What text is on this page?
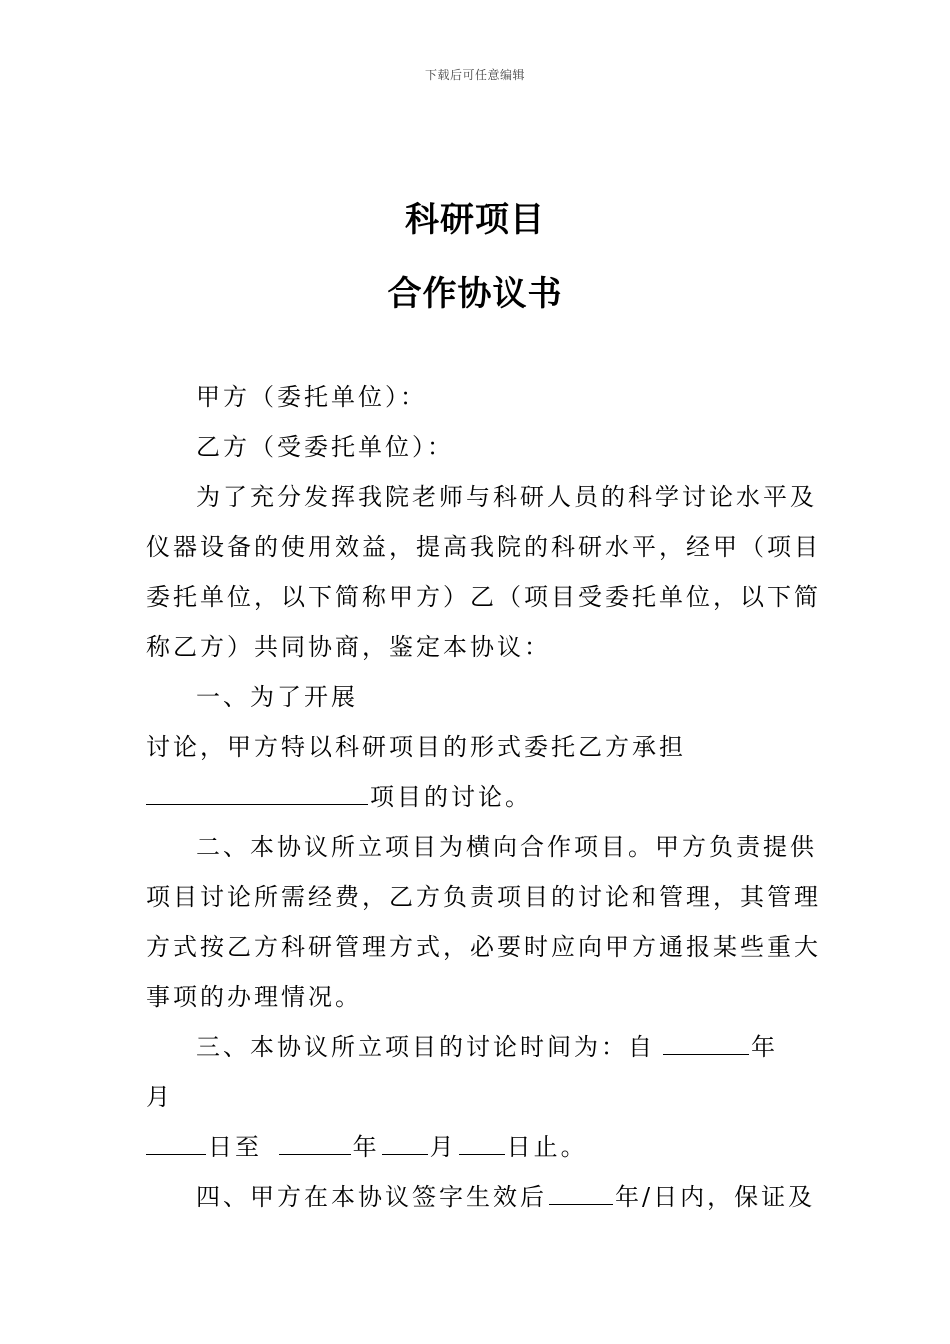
下载后可任意编辑
科研项目
合作协议书
甲方（委托单位）：
乙方（受委托单位）：
为了充分发挥我院老师与科研人员的科学讨论水平及
仪器设备的使用效益，提高我院的科研水平，经甲（项目
委托单位，以下简称甲方）乙（项目受委托单位，以下简
称乙方）共同协商，鉴定本协议：
一、为了开展
讨论，甲方特以科研项目的形式委托乙方承担
项目的讨论。
二、本协议所立项目为横向合作项目。甲方负责提供
项目讨论所需经费，乙方负责项目的讨论和管理，其管理
方式按乙方科研管理方式，必要时应向甲方通报某些重大
事项的办理情况。
三、本协议所立项目的讨论时间为：自	年
月
日至	年 月 日止。
四、甲方在本协议签字生效后	年/日内，保证及
